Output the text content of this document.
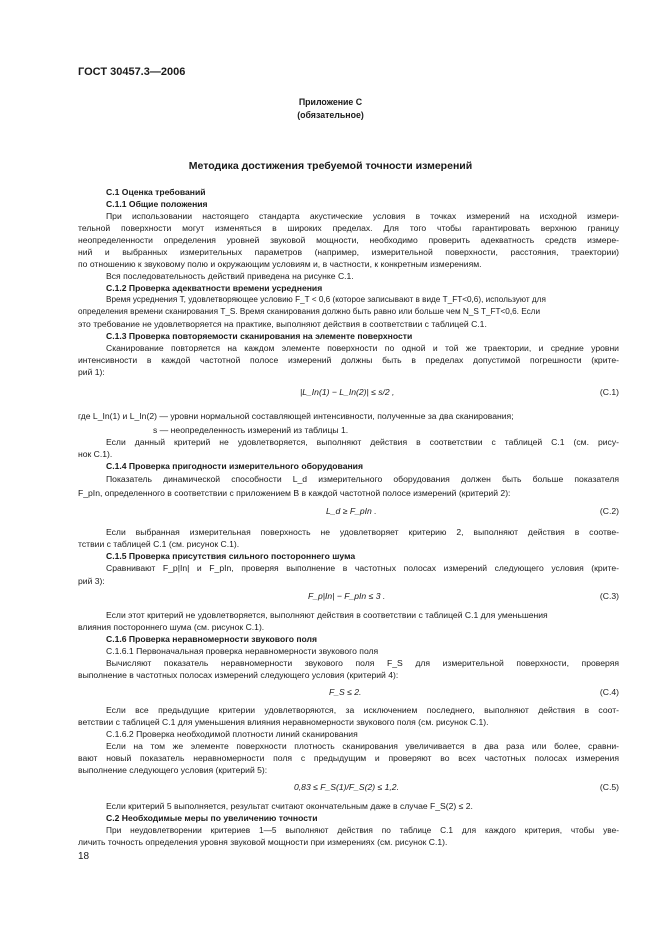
ГОСТ 30457.3—2006
Приложение С
(обязательное)
Методика достижения требуемой точности измерений
С.1 Оценка требований
С.1.1 Общие положения
При использовании настоящего стандарта акустические условия в точках измерений на исходной измери-
тельной поверхности могут изменяться в широких пределах. Для того чтобы гарантировать верхнюю границу
неопределенности определения уровней звуковой мощности, необходимо проверить адекватность средств измере-
ний и выбранных измерительных параметров (например, измерительной поверхности, расстояния, траектории)
по отношению к звуковому полю и окружающим условиям и, в частности, к конкретным измерениям.
Вся последовательность действий приведена на рисунке С.1.
С.1.2 Проверка адекватности времени усреднения
Время усреднения T, удовлетворяющее условию F_T < 0,6 (которое записывают в виде T_FT<0,6), используют для
определения времени сканирования T_S. Время сканирования должно быть равно или больше чем N_S T_FT<0,6. Если
это требование не удовлетворяется на практике, выполняют действия в соответствии с таблицей С.1.
С.1.3 Проверка повторяемости сканирования на элементе поверхности
Сканирование повторяется на каждом элементе поверхности по одной и той же траектории, и средние уровни
интенсивности в каждой частотной полосе измерений должны быть в пределах допустимой погрешности (крите-
рий 1):
|L_In(1) − L_In(2)| ≤ s/2 ,	(С.1)
где L_In(1) и L_In(2) — уровни нормальной составляющей интенсивности, полученные за два сканирования;
s — неопределенность измерений из таблицы 1.
Если данный критерий не удовлетворяется, выполняют действия в соответствии с таблицей С.1 (см. рису-
нок С.1).
С.1.4 Проверка пригодности измерительного оборудования
Показатель динамической способности L_d измерительного оборудования должен быть больше показателя
F_pIn, определенного в соответствии с приложением В в каждой частотной полосе измерений (критерий 2):
L_d ≥ F_pIn .	(С.2)
Если выбранная измерительная поверхность не удовлетворяет критерию 2, выполняют действия в соотве-
тствии с таблицей С.1 (см. рисунок С.1).
С.1.5 Проверка присутствия сильного постороннего шума
Сравнивают F_p|In| и F_pIn, проверяя выполнение в частотных полосах измерений следующего условия (крите-
рий 3):
F_p|In| − F_pIn ≤ 3 .	(С.3)
Если этот критерий не удовлетворяется, выполняют действия в соответствии с таблицей С.1 для уменьшения
влияния постороннего шума (см. рисунок С.1).
С.1.6 Проверка неравномерности звукового поля
С.1.6.1 Первоначальная проверка неравномерности звукового поля
Вычисляют показатель неравномерности звукового поля F_S для измерительной поверхности, проверяя
выполнение в частотных полосах измерений следующего условия (критерий 4):
F_S ≤ 2.	(С.4)
Если все предыдущие критерии удовлетворяются, за исключением последнего, выполняют действия в соот-
ветствии с таблицей С.1 для уменьшения влияния неравномерности звукового поля (см. рисунок С.1).
С.1.6.2 Проверка необходимой плотности линий сканирования
Если на том же элементе поверхности плотность сканирования увеличивается в два раза или более, сравни-
вают новый показатель неравномерности поля с предыдущим и проверяют во всех частотных полосах измерения
выполнение следующего условия (критерий 5):
0,83 ≤ F_S(1)/F_S(2) ≤ 1,2.	(С.5)
Если критерий 5 выполняется, результат считают окончательным даже в случае F_S(2) ≤ 2.
С.2 Необходимые меры по увеличению точности
При неудовлетворении критериев 1—5 выполняют действия по таблице С.1 для каждого критерия, чтобы уве-
личить точность определения уровня звуковой мощности при измерениях (см. рисунок С.1).
18
